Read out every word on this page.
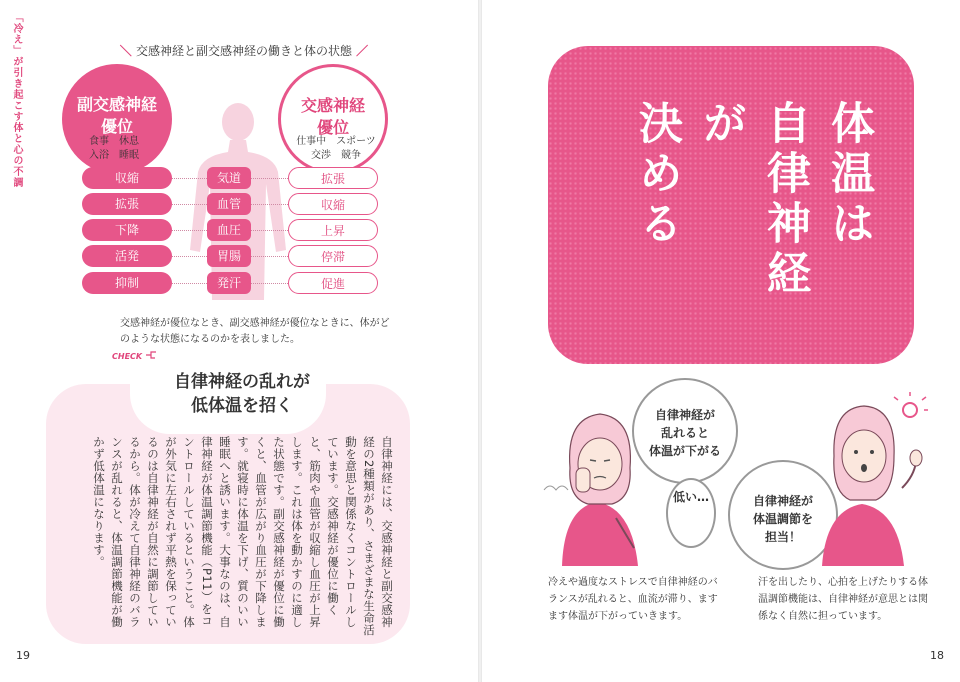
「冷え」が引き起こす体と心の不調	＼ 交感神経と副交感神経の働きと体の状態 ／
副交感神経
優位
食事　休息
入浴　睡眠
交感神経
優位
仕事中　スポーツ
交渉　競争
収縮	気道	拡張
拡張	血管	収縮
下降	血圧	上昇
活発	胃腸	停滞
抑制	発汗	促進
交感神経が優位なとき、副交感神経が優位なときに、体がどのような状態になるのかを表しました。
CHECK
自律神経の乱れが
低体温を招く
自律神経には、交感神経と副交感神経の2種類があり、さまざまな生命活動を意思と関係なくコントロールしています。交感神経が優位に働くと、筋肉や血管が収縮し血圧が上昇します。これは体を動かすのに適した状態です。副交感神経が優位に働くと、血管が広がり血圧が下降します。就寝時に体温を下げ、質のいい睡眠へと誘います。大事なのは、自律神経が体温調節機能（P11）をコントロールしているということ。体が外気に左右されず平熱を保っているのは自律神経が自然に調節しているから。体が冷えて自律神経のバランスが乱れると、体温調節機能が働かず低体温になります。
19
体温は
自律神経が
決める
自律神経が
乱れると
体温が下がる
低い…	自律神経が
体温調節を
担当！
冷えや過度なストレスで自律神経のバランスが乱れると、血流が滞り、ますます体温が下がっていきます。
汗を出したり、心拍を上げたりする体温調節機能は、自律神経が意思とは関係なく自然に担っています。
18
